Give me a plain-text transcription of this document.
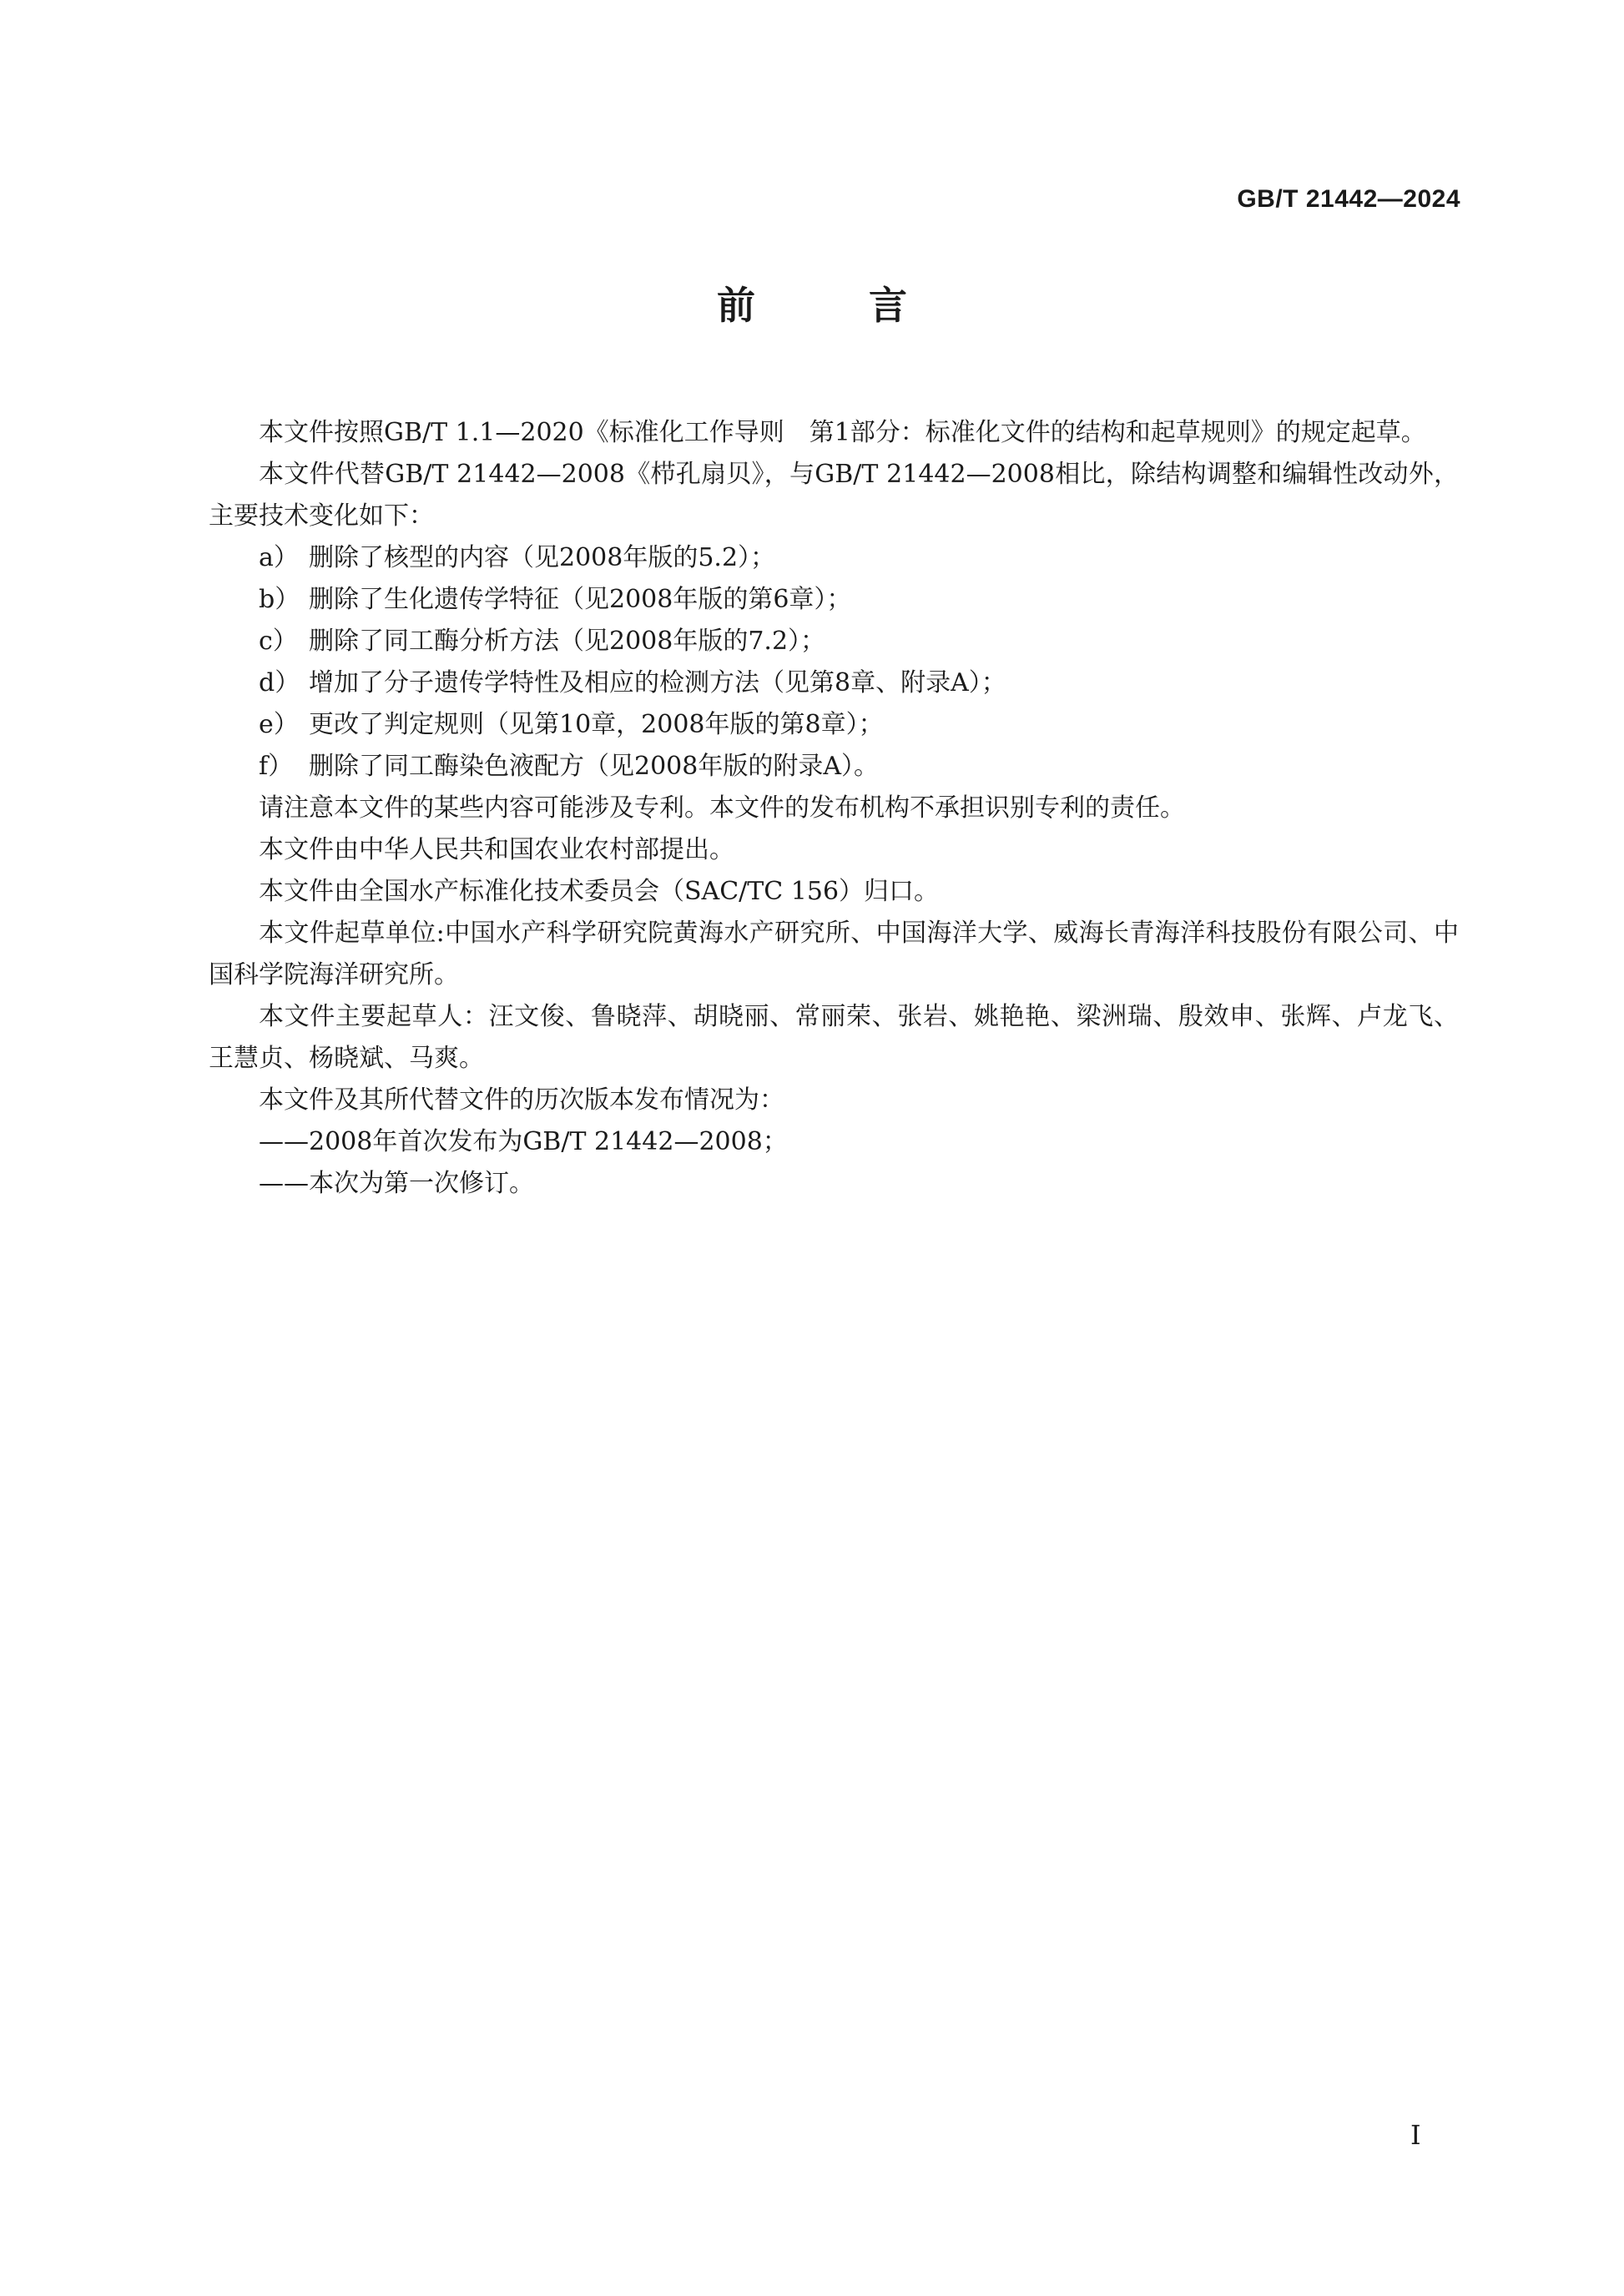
GB/T 21442—2024
前 言

本文件按照GB/T 1.1—2020《标准化工作导则　第1部分：标准化文件的结构和起草规则》的规定起草。

本文件代替GB/T 21442—2008《栉孔扇贝》，与GB/T 21442—2008相比，除结构调整和编辑性改动外，主要技术变化如下：

a） 删除了核型的内容（见2008年版的5.2）；

b） 删除了生化遗传学特征（见2008年版的第6章）；

c） 删除了同工酶分析方法（见2008年版的7.2）；

d） 增加了分子遗传学特性及相应的检测方法（见第8章、附录A）；

e） 更改了判定规则（见第10章，2008年版的第8章）；

f） 删除了同工酶染色液配方（见2008年版的附录A）。

请注意本文件的某些内容可能涉及专利。本文件的发布机构不承担识别专利的责任。

本文件由中华人民共和国农业农村部提出。

本文件由全国水产标准化技术委员会（SAC/TC 156）归口。

本文件起草单位:中国水产科学研究院黄海水产研究所、中国海洋大学、威海长青海洋科技股份有限公司、中国科学院海洋研究所。

本文件主要起草人：汪文俊、鲁晓萍、胡晓丽、常丽荣、张岩、姚艳艳、梁洲瑞、殷效申、张辉、卢龙飞、王慧贞、杨晓斌、马爽。

本文件及其所代替文件的历次版本发布情况为：

——2008年首次发布为GB/T 21442—2008；

——本次为第一次修订。

I
